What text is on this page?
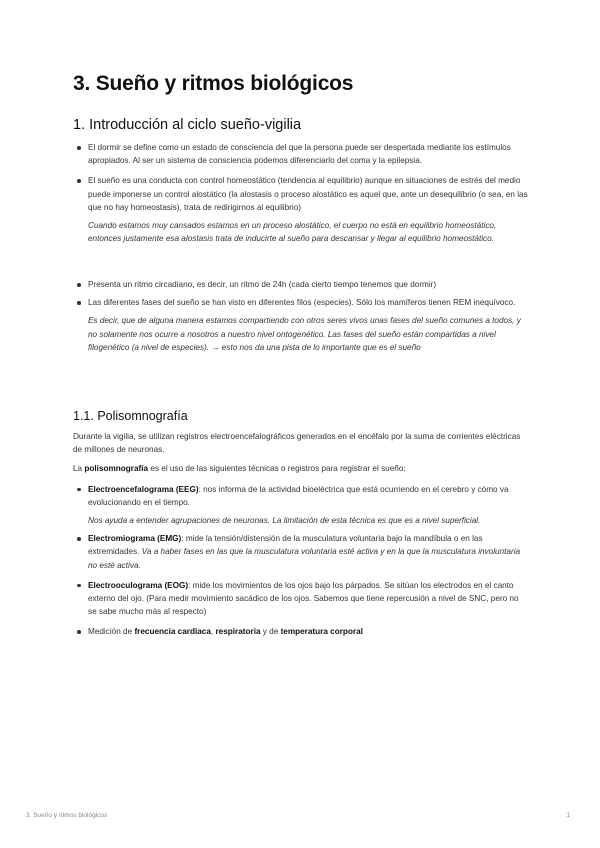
3. Sueño y ritmos biológicos
1. Introducción al ciclo sueño-vigilia
El dormir se define como un estado de consciencia del que la persona puede ser despertada mediante los estímulos apropiados. Al ser un sistema de consciencia podemos diferenciarlo del coma y la epilepsia.
El sueño es una conducta con control homeostático (tendencia al equilibrio) aunque en situaciones de estrés del medio puede imponerse un control alostático (la alostasis o proceso alostático es aquel que, ante un desequilibrio (o sea, en las que no hay homeostasis), trata de redirigirnos al equilibrio)

Cuando estamos muy cansados estamos en un proceso alostático, el cuerpo no está en equilibrio homeostático, entonces justamente esa alostasis trata de inducirte al sueño para descansar y llegar al equilibrio homeostático.

Presenta un ritmo circadiano, es decir, un ritmo de 24h (cada cierto tiempo tenemos que dormir)
Las diferentes fases del sueño se han visto en diferentes filos (especies). Sólo los mamíferos tienen REM inequívoco.

Es decir, que de alguna manera estamos compartiendo con otros seres vivos unas fases del sueño comunes a todos, y no solamente nos ocurre a nosotros a nuestro nivel ontogenético. Las fases del sueño están compartidas a nivel filogenético (a nivel de especies). → esto nos da una pista de lo importante que es el sueño

1.1. Polisomnografía

Durante la vigilia, se utilizan registros electroencefalográficos generados en el encéfalo por la suma de corrientes eléctricas de millones de neuronas.

La polisomnografía es el uso de las siguientes técnicas o registros para registrar el sueño:

Electroencefalograma (EEG): nos informa de la actividad bioeléctrica que está ocurriendo en el cerebro y cómo va evolucionando en el tiempo.

Nos ayuda a entender agrupaciones de neuronas. La limitación de esta técnica es que es a nivel superficial.

Electromiograma (EMG): mide la tensión/distensión de la musculatura voluntaria bajo la mandíbula o en las extremidades. Va a haber fases en las que la musculatura voluntaria esté activa y en la que la musculatura involuntaria no esté activa.
Electrooculograma (EOG): mide los movimientos de los ojos bajo los párpados. Se sitúan los electrodos en el canto externo del ojo. (Para medir movimiento sacádico de los ojos. Sabemos que tiene repercusión a nivel de SNC, pero no se sabe mucho más al respecto)
Medición de frecuencia cardiaca, respiratoria y de temperatura corporal
3. Sueño y ritmos biológicos	1
